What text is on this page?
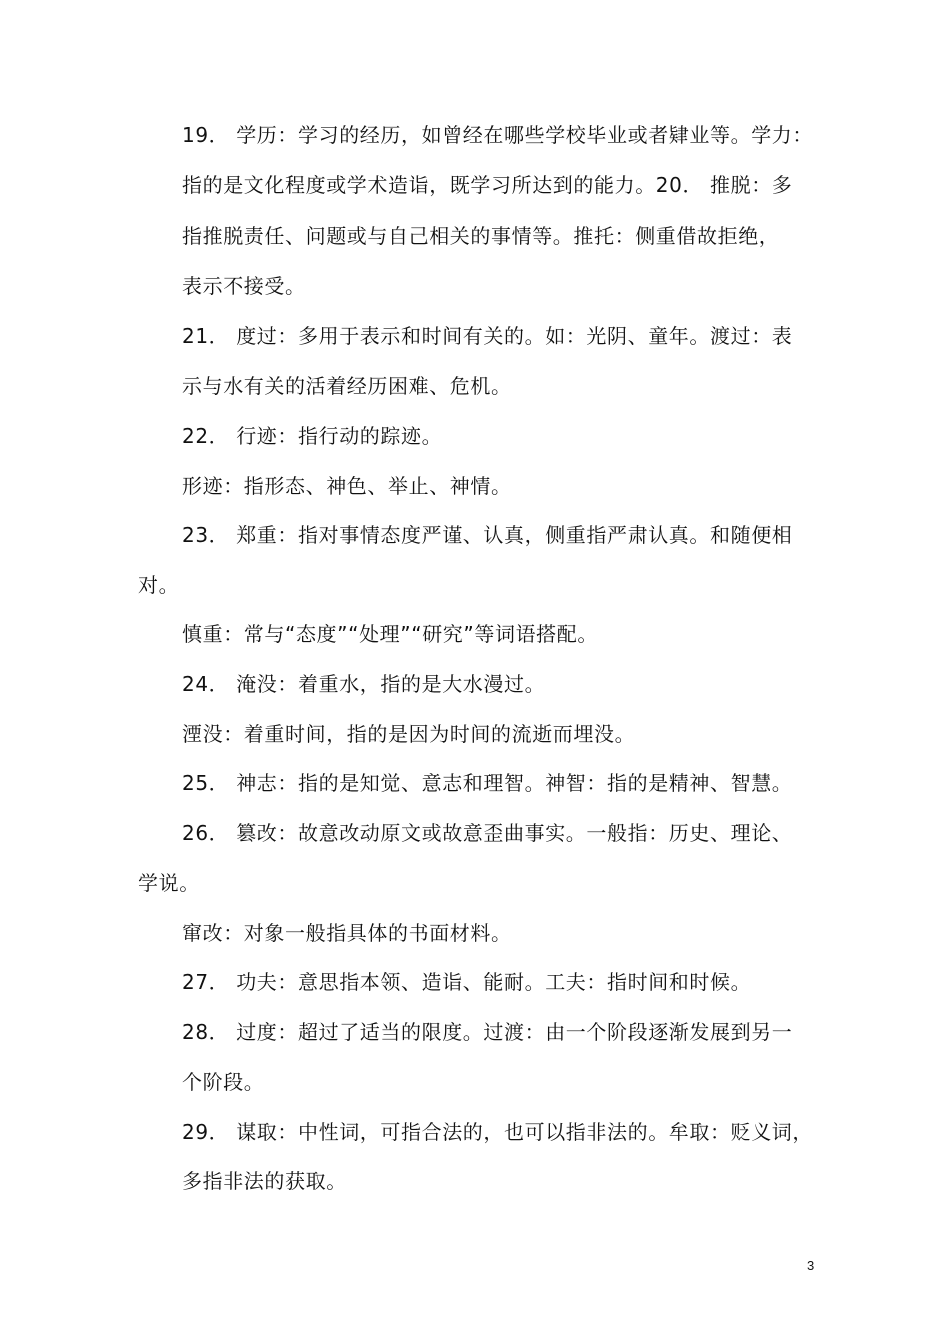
19． 学历：学习的经历，如曾经在哪些学校毕业或者肄业等。学力：
指的是文化程度或学术造诣，既学习所达到的能力。20． 推脱：多
指推脱责任、问题或与自己相关的事情等。推托：侧重借故拒绝，
表示不接受。
21． 度过：多用于表示和时间有关的。如：光阴、童年。渡过：表
示与水有关的活着经历困难、危机。
22． 行迹：指行动的踪迹。
形迹：指形态、神色、举止、神情。
23． 郑重：指对事情态度严谨、认真，侧重指严肃认真。和随便相
对。
慎重：常与“态度”“处理”“研究”等词语搭配。
24． 淹没：着重水，指的是大水漫过。
湮没：着重时间，指的是因为时间的流逝而埋没。
25． 神志：指的是知觉、意志和理智。神智：指的是精神、智慧。
26． 篡改：故意改动原文或故意歪曲事实。一般指：历史、理论、
学说。
窜改：对象一般指具体的书面材料。
27． 功夫：意思指本领、造诣、能耐。工夫：指时间和时候。
28． 过度：超过了适当的限度。过渡：由一个阶段逐渐发展到另一
个阶段。
29． 谋取：中性词，可指合法的，也可以指非法的。牟取：贬义词，
多指非法的获取。
3
